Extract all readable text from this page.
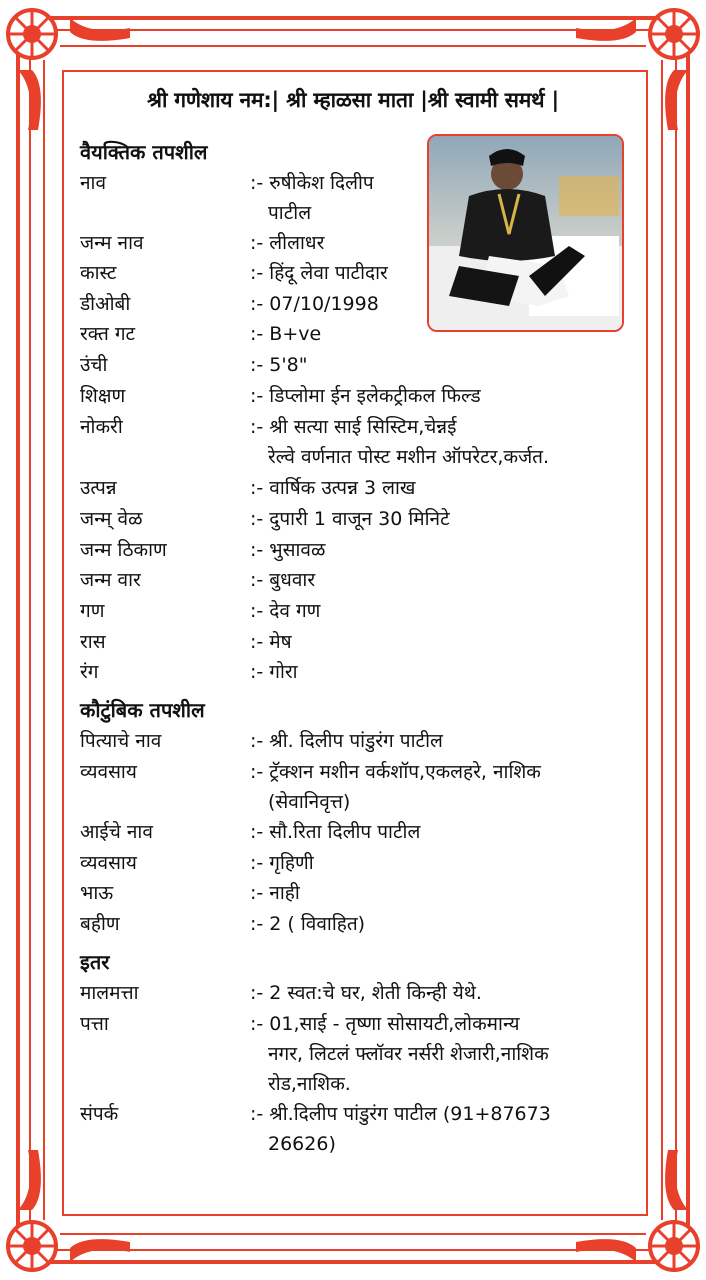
श्री गणेशाय नम:| श्री म्हाळसा माता |श्री स्वामी समर्थ |
वैयक्तिक तपशील
कौटुंबिक तपशील
इतर
नाव	:- रुषीकेश दिलीप
पाटील
जन्म नाव	:- लीलाधर
कास्ट	:- हिंदू लेवा पाटीदार
डीओबी	:- 07/10/1998
रक्त गट	:- B+ve
उंची	:- 5'8"
शिक्षण	:- डिप्लोमा ईन इलेकट्रीकल फिल्ड
नोकरी	:- श्री सत्या साई सिस्टिम,चेन्नई
रेल्वे वर्णनात पोस्ट मशीन ऑपरेटर,कर्जत.
उत्पन्न	:- वार्षिक उत्पन्न 3 लाख
जन्म् वेळ	:- दुपारी 1 वाजून 30 मिनिटे
जन्म ठिकाण	:- भुसावळ
जन्म वार	:- बुधवार
गण	:- देव गण
रास	:- मेष
रंग	:- गोरा
पित्याचे नाव	:- श्री. दिलीप पांडुरंग पाटील
व्यवसाय	:- ट्रॅक्शन मशीन वर्कशॉप,एकलहरे, नाशिक
(सेवानिवृत्त)
आईचे नाव	:- सौ.रिता दिलीप पाटील
व्यवसाय	:- गृहिणी
भाऊ	:- नाही
बहीण	:- 2 ( विवाहित)
मालमत्ता	:- 2 स्वत:चे घर, शेती किन्ही येथे.
पत्ता	:- 01,साई - तृष्णा सोसायटी,लोकमान्य
नगर, लिटलं फ्लॉवर नर्सरी शेजारी,नाशिक
रोड,नाशिक.
संपर्क	:- श्री.दिलीप पांडुरंग पाटील (91+87673
26626)
